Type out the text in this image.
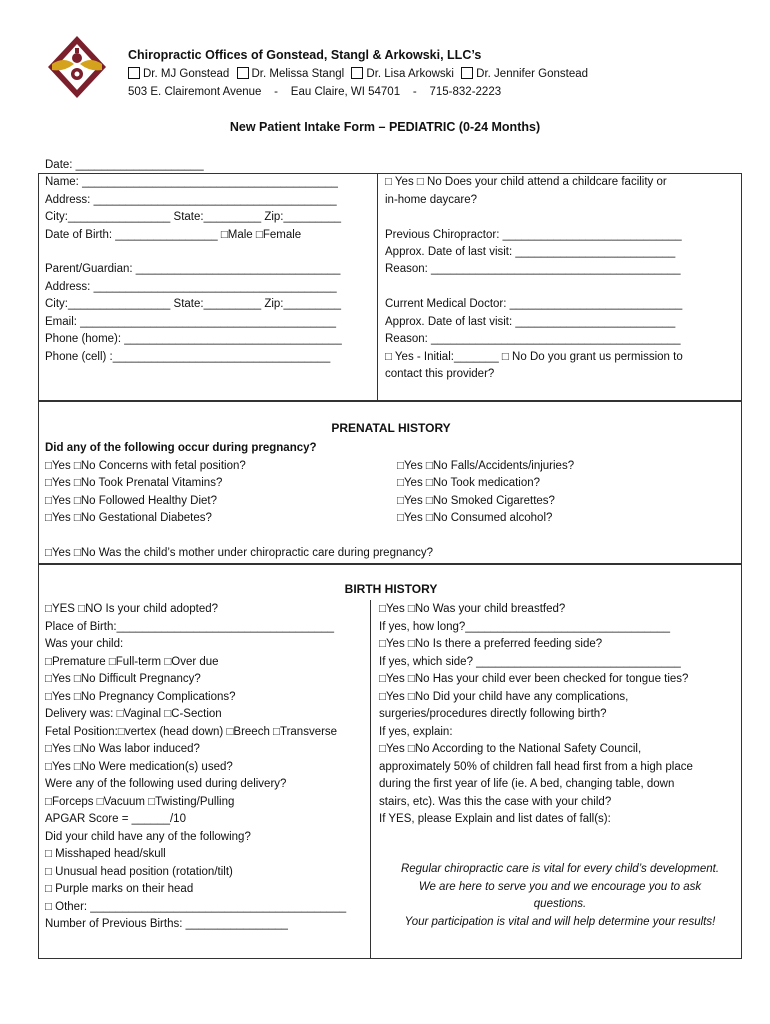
Chiropractic Offices of Gonstead, Stangl & Arkowski, LLC’s
Dr. MJ Gonstead Dr. Melissa Stangl Dr. Lisa Arkowski Dr. Jennifer Gonstead
503 E. Clairemont Avenue    -    Eau Claire, WI 54701    -    715-832-2223
New Patient Intake Form – PEDIATRIC (0-24 Months)
Date: ____________________
Name: ________________________________________
Address: ______________________________________
City:________________ State:_________ Zip:_________
Date of Birth: ________________ □Male □Female
Parent/Guardian: ________________________________
Address: ______________________________________
City:________________ State:_________ Zip:_________
Email: ________________________________________
Phone (home): __________________________________
Phone (cell) :__________________________________
□ Yes □ No Does your child attend a childcare facility or
in-home daycare?
Previous Chiropractor: ____________________________
Approx. Date of last visit: _________________________
Reason: _______________________________________
Current Medical Doctor: ___________________________
Approx. Date of last visit: _________________________
Reason: _______________________________________
□ Yes - Initial:_______ □ No Do you grant us permission to
contact this provider?
PRENATAL HISTORY
Did any of the following occur during pregnancy?
□Yes □No Concerns with fetal position?
□Yes □No Took Prenatal Vitamins?
□Yes □No Followed Healthy Diet?
□Yes □No Gestational Diabetes?
□Yes □No Falls/Accidents/injuries?
□Yes □No Took medication?
□Yes □No Smoked Cigarettes?
□Yes □No Consumed alcohol?
□Yes □No Was the child’s mother under chiropractic care during pregnancy?
BIRTH HISTORY
□YES □NO Is your child adopted?
Place of Birth:__________________________________
Was your child:
□Premature □Full-term □Over due
□Yes □No Difficult Pregnancy?
□Yes □No Pregnancy Complications?
Delivery was: □Vaginal □C-Section
Fetal Position:□vertex (head down) □Breech □Transverse
□Yes □No Was labor induced?
□Yes □No Were medication(s) used?
Were any of the following used during delivery?
□Forceps □Vacuum □Twisting/Pulling
APGAR Score = ______/10
Did your child have any of the following?
□ Misshaped head/skull
□ Unusual head position (rotation/tilt)
□ Purple marks on their head
□ Other: ________________________________________
Number of Previous Births: ________________
□Yes □No Was your child breastfed?
If yes, how long?________________________________
□Yes □No Is there a preferred feeding side?
If yes, which side? ________________________________
□Yes □No Has your child ever been checked for tongue ties?
□Yes □No Did your child have any complications,
surgeries/procedures directly following birth?
If yes, explain:
□Yes □No According to the National Safety Council,
approximately 50% of children fall head first from a high place
during the first year of life (ie. A bed, changing table, down
stairs, etc). Was this the case with your child?
If YES, please Explain and list dates of fall(s):
Regular chiropractic care is vital for every child’s development.
We are here to serve you and we encourage you to ask
questions.
Your participation is vital and will help determine your results!
